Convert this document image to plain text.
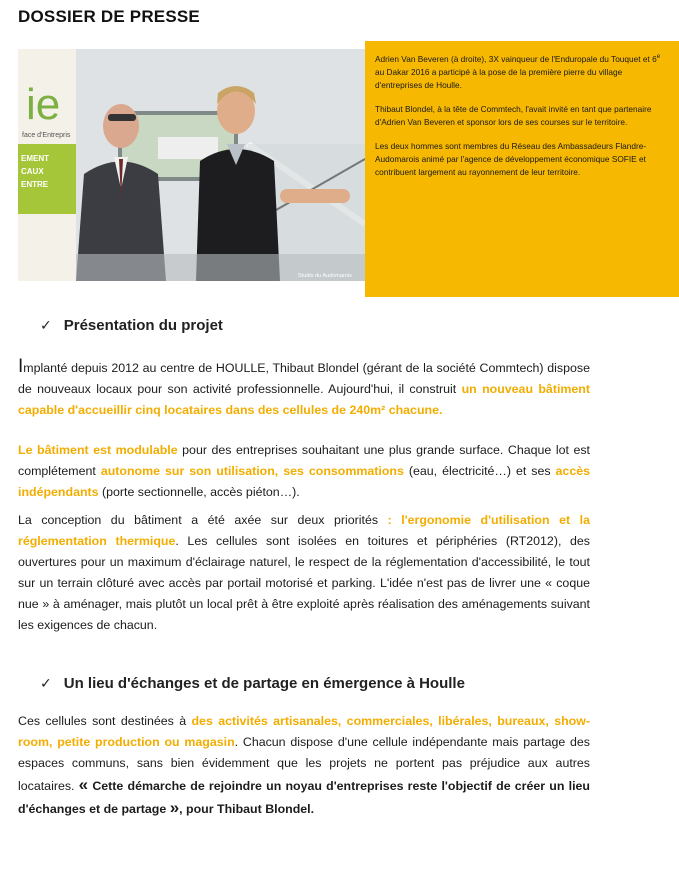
DOSSIER DE PRESSE
ie
face d'Entrepris
EMENT
CAUX
ENTRE
Studio du Audomarois

Adrien Van Beveren (à droite), 3X vainqueur de l'Enduropale du Touquet et 6e au Dakar 2016 a participé à la pose de la première pierre du village d'entreprises de Houlle.

Thibaut Blondel, à la tête de Commtech, l'avait invité en tant que partenaire d'Adrien Van Beveren et sponsor lors de ses courses sur le territoire.

Les deux hommes sont membres du Réseau des Ambassadeurs Flandre-Audomarois animé par l'agence de développement économique SOFIE et contribuent largement au rayonnement de leur territoire.

✓ Présentation du projet

Implanté depuis 2012 au centre de HOULLE, Thibaut Blondel (gérant de la société Commtech) dispose de nouveaux locaux pour son activité professionnelle. Aujourd'hui, il construit un nouveau bâtiment capable d'accueillir cinq locataires dans des cellules de 240m² chacune.

Le bâtiment est modulable pour des entreprises souhaitant une plus grande surface. Chaque lot est complétement autonome sur son utilisation, ses consommations (eau, électricité…) et ses accès indépendants (porte sectionnelle, accès piéton…).

La conception du bâtiment a été axée sur deux priorités : l'ergonomie d'utilisation et la réglementation thermique. Les cellules sont isolées en toitures et périphéries (RT2012), des ouvertures pour un maximum d'éclairage naturel, le respect de la réglementation d'accessibilité, le tout sur un terrain clôturé avec accès par portail motorisé et parking. L'idée n'est pas de livrer une « coque nue » à aménager, mais plutôt un local prêt à être exploité après réalisation des aménagements suivant les exigences de chacun.

✓ Un lieu d'échanges et de partage en émergence à Houlle

Ces cellules sont destinées à des activités artisanales, commerciales, libérales, bureaux, show-room, petite production ou magasin. Chacun dispose d'une cellule indépendante mais partage des espaces communs, sans bien évidemment que les projets ne portent pas préjudice aux autres locataires. « Cette démarche de rejoindre un noyau d'entreprises reste l'objectif de créer un lieu d'échanges et de partage », pour Thibaut Blondel.
